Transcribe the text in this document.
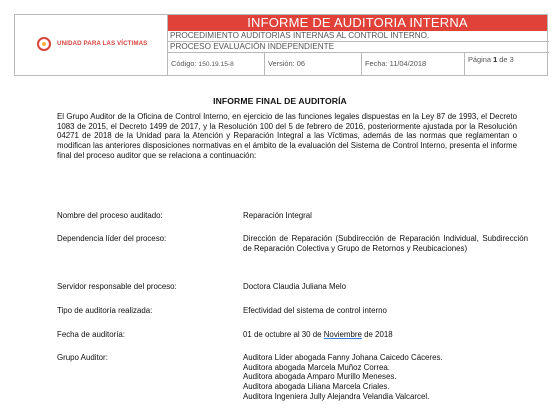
UNIDAD PARA LAS VÍCTIMAS
INFORME DE AUDITORIA INTERNA
PROCEDIMIENTO AUDITORIAS INTERNAS AL CONTROL INTERNO.
PROCESO EVALUACIÓN INDEPENDIENTE
Código: 150.19.15-8	Versión: 06	Fecha: 11/04/2018	Página 1 de 3
INFORME FINAL DE AUDITORÍA
El Grupo Auditor de la Oficina de Control Interno, en ejercicio de las funciones legales dispuestas en la Ley 87 de 1993, el Decreto 1083 de 2015, el Decreto 1499 de 2017, y la Resolución 100 del 5 de febrero de 2016, posteriormente ajustada por la Resolución 04271 de 2018 de la Unidad para la Atención y Reparación Integral a las Víctimas, además de las normas que reglamentan o modifican las anteriores disposiciones normativas en el ámbito de la evaluación del Sistema de Control Interno, presenta el informe final del proceso auditor que se relaciona a continuación:
Nombre del proceso auditado:	Reparación Integral
Dependencia líder del proceso:	Dirección de Reparación (Subdirección de Reparación Individual, Subdirección de Reparación Colectiva y Grupo de Retornos y Reubicaciones)
Servidor responsable del proceso:	Doctora Claudia Juliana Melo
Tipo de auditoría realizada:	Efectividad del sistema de control interno
Fecha de auditoría:	01 de octubre al 30 de Noviembre de 2018
Grupo Auditor:	Auditora Líder abogada Fanny Johana Caicedo Cáceres.
Auditora abogada Marcela Muñoz Correa.
Auditora abogada Amparo Murillo Meneses.
Auditora abogada Liliana Marcela Criales.
Auditora Ingeniera Jully Alejandra Velandia Valcarcel.
